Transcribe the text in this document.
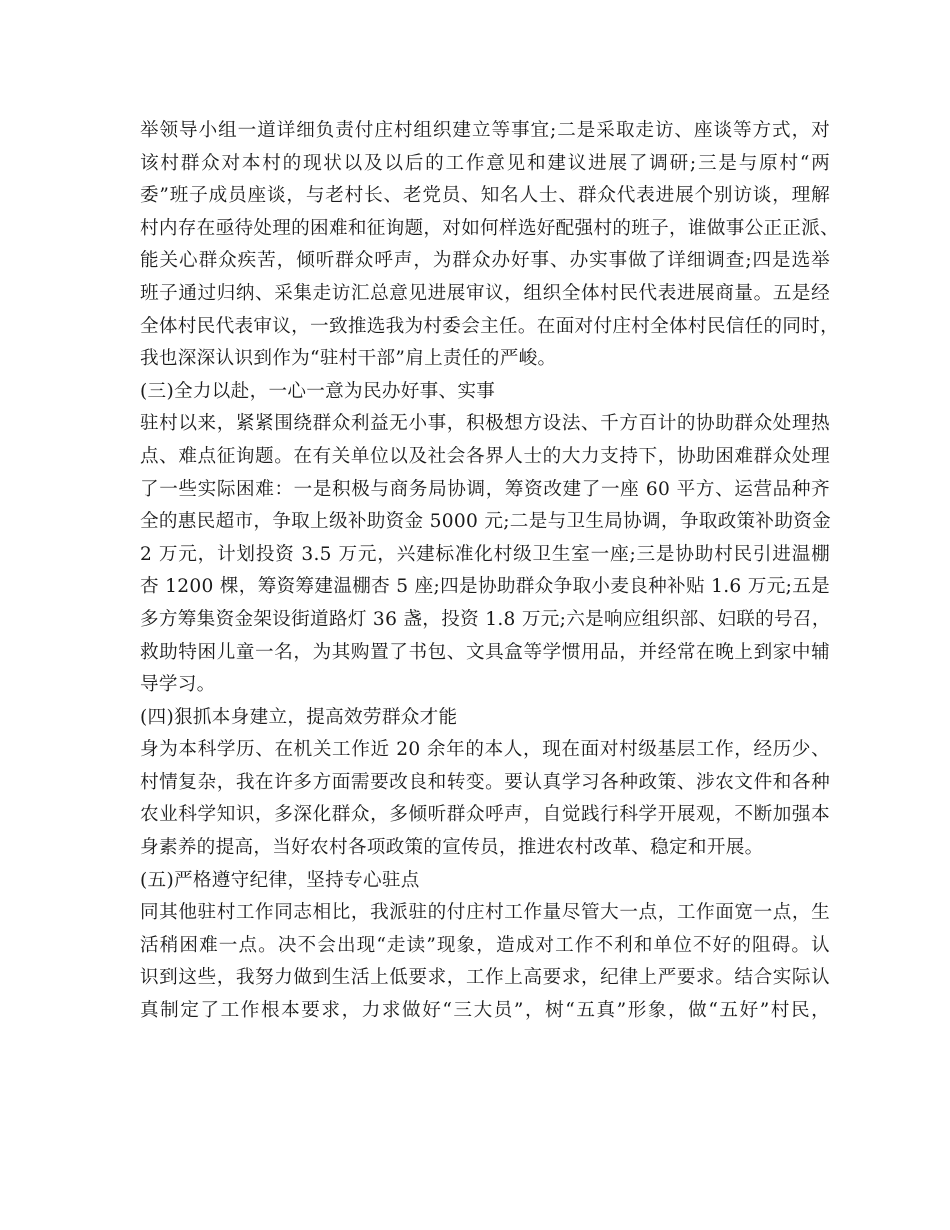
举领导小组一道详细负责付庄村组织建立等事宜;二是采取走访、座谈等方式，对
该村群众对本村的现状以及以后的工作意见和建议进展了调研;三是与原村“两
委”班子成员座谈，与老村长、老党员、知名人士、群众代表进展个别访谈，理解
村内存在亟待处理的困难和征询题，对如何样选好配强村的班子，谁做事公正正派、
能关心群众疾苦，倾听群众呼声，为群众办好事、办实事做了详细调查;四是选举
班子通过归纳、采集走访汇总意见进展审议，组织全体村民代表进展商量。五是经
全体村民代表审议，一致推选我为村委会主任。在面对付庄村全体村民信任的同时，
我也深深认识到作为“驻村干部”肩上责任的严峻。
(三)全力以赴，一心一意为民办好事、实事
驻村以来，紧紧围绕群众利益无小事，积极想方设法、千方百计的协助群众处理热
点、难点征询题。在有关单位以及社会各界人士的大力支持下，协助困难群众处理
了一些实际困难：一是积极与商务局协调，筹资改建了一座 60 平方、运营品种齐
全的惠民超市，争取上级补助资金 5000 元;二是与卫生局协调，争取政策补助资金
2 万元，计划投资 3.5 万元，兴建标准化村级卫生室一座;三是协助村民引进温棚
杏 1200 棵，筹资筹建温棚杏 5 座;四是协助群众争取小麦良种补贴 1.6 万元;五是
多方筹集资金架设街道路灯 36 盏，投资 1.8 万元;六是响应组织部、妇联的号召，
救助特困儿童一名，为其购置了书包、文具盒等学惯用品，并经常在晚上到家中辅
导学习。
(四)狠抓本身建立，提高效劳群众才能
身为本科学历、在机关工作近 20 余年的本人，现在面对村级基层工作，经历少、
村情复杂，我在许多方面需要改良和转变。要认真学习各种政策、涉农文件和各种
农业科学知识，多深化群众，多倾听群众呼声，自觉践行科学开展观，不断加强本
身素养的提高，当好农村各项政策的宣传员，推进农村改革、稳定和开展。
(五)严格遵守纪律，坚持专心驻点
同其他驻村工作同志相比，我派驻的付庄村工作量尽管大一点，工作面宽一点，生
活稍困难一点。决不会出现“走读”现象，造成对工作不利和单位不好的阻碍。认
识到这些，我努力做到生活上低要求，工作上高要求，纪律上严要求。结合实际认
真制定了工作根本要求，力求做好“三大员”，树“五真”形象，做“五好”村民，
